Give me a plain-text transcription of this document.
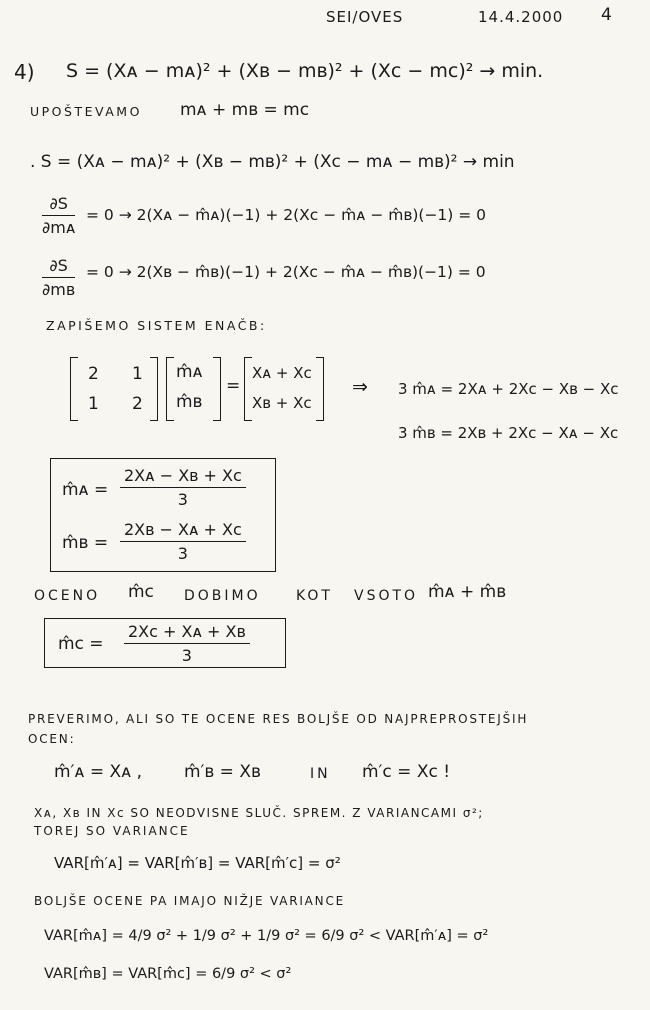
SEI/OVES	14.4.2000 4
4) S = (Xᴀ − mᴀ)² + (Xʙ − mʙ)² + (Xᴄ − mᴄ)² → min.
UPOŠTEVAMO mᴀ + mʙ = mᴄ
. S = (Xᴀ − mᴀ)² + (Xʙ − mʙ)² + (Xᴄ − mᴀ − mʙ)² → min
∂S
∂mᴀ
= 0 → 2(Xᴀ − m̂ᴀ)(−1) + 2(Xᴄ − m̂ᴀ − m̂ʙ)(−1) = 0
∂S
∂mʙ
= 0 → 2(Xʙ − m̂ʙ)(−1) + 2(Xᴄ − m̂ᴀ − m̂ʙ)(−1) = 0
ZAPIŠEMO SISTEM ENAČB:
2 1
1 2
m̂ᴀ
m̂ʙ
=
Xᴀ + Xᴄ
Xʙ + Xᴄ
⇒ 3 m̂ᴀ = 2Xᴀ + 2Xᴄ − Xʙ − Xᴄ
3 m̂ʙ = 2Xʙ + 2Xᴄ − Xᴀ − Xᴄ
m̂ᴀ =
2Xᴀ − Xʙ + Xᴄ
3
m̂ʙ =
2Xʙ − Xᴀ + Xᴄ
3
OCENO m̂ᴄ DOBIMO	KOT VSOTO m̂ᴀ + m̂ʙ
m̂ᴄ =
2Xᴄ + Xᴀ + Xʙ
3
PREVERIMO, ALI SO TE OCENE RES BOLJŠE OD NAJPREPROSTEJŠIH
OCEN:
m̂′ᴀ = Xᴀ , m̂′ʙ = Xʙ	IN m̂′ᴄ = Xᴄ !
Xᴀ, Xʙ IN Xᴄ SO NEODVISNE SLUČ. SPREM. Z VARIANCAMI σ²;
TOREJ SO VARIANCE
VAR[m̂′ᴀ] = VAR[m̂′ʙ] = VAR[m̂′ᴄ] = σ²
BOLJŠE OCENE PA IMAJO NIŽJE VARIANCE
VAR[m̂ᴀ] = 4/9 σ² + 1/9 σ² + 1/9 σ² = 6/9 σ² < VAR[m̂′ᴀ] = σ²
VAR[m̂ʙ] = VAR[m̂ᴄ] = 6/9 σ² < σ²
